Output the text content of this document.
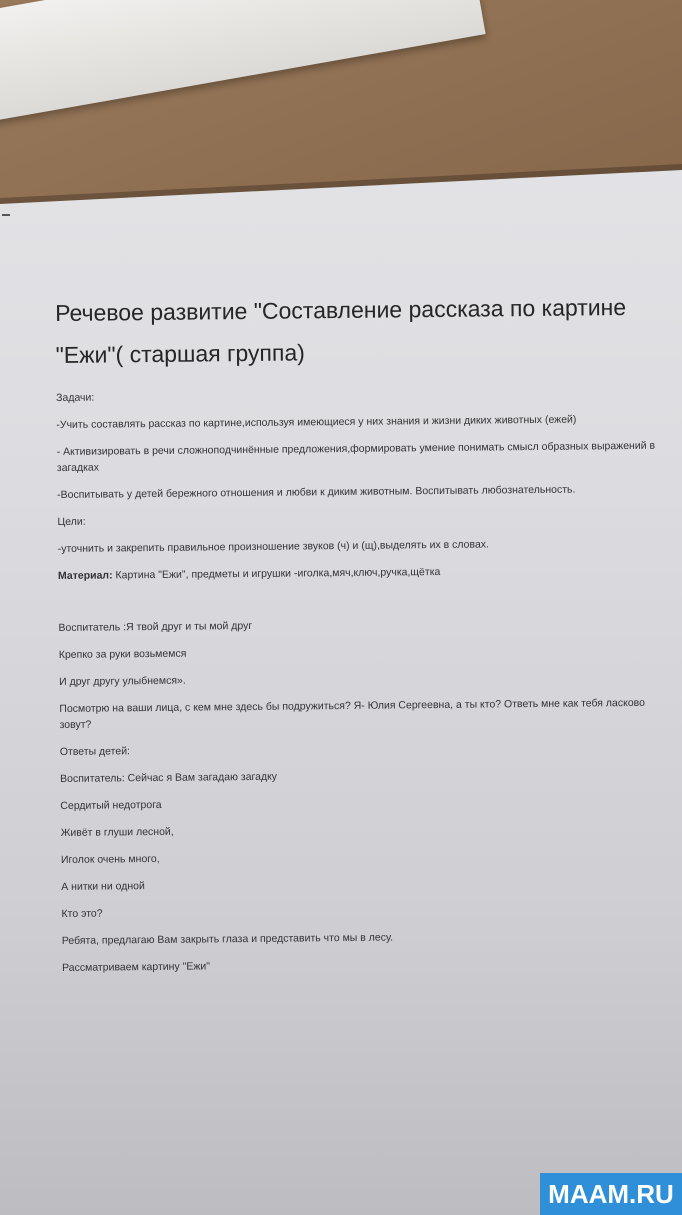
Речевое развитие "Составление рассказа по картине "Ежи"( старшая группа)

Задачи:

-Учить составлять рассказ по картине,используя имеющиеся у них знания и жизни диких животных (ежей)

- Активизировать в речи сложноподчинённые предложения,формировать умение понимать смысл образных выражений в загадках

-Воспитывать у детей бережного отношения и любви к диким животным. Воспитывать любознательность.

Цели:

-уточнить и закрепить правильное произношение звуков (ч) и (щ),выделять их в словах.

Материал: Картина "Ежи", предметы и игрушки -иголка,мяч,ключ,ручка,щётка

Воспитатель :Я твой друг и ты мой друг

Крепко за руки возьмемся

И друг другу улыбнемся».

Посмотрю на ваши лица, с кем мне здесь бы подружиться? Я- Юлия Сергеевна, а ты кто? Ответь мне как тебя ласково зовут?

Ответы детей:

Воспитатель: Сейчас я Вам загадаю загадку

Сердитый недотрога

Живёт в глуши лесной,

Иголок очень много,

А нитки ни одной

Кто это?

Ребята, предлагаю Вам закрыть глаза и представить что мы в лесу.

Рассматриваем картину "Ежи"

MAAM.RU
